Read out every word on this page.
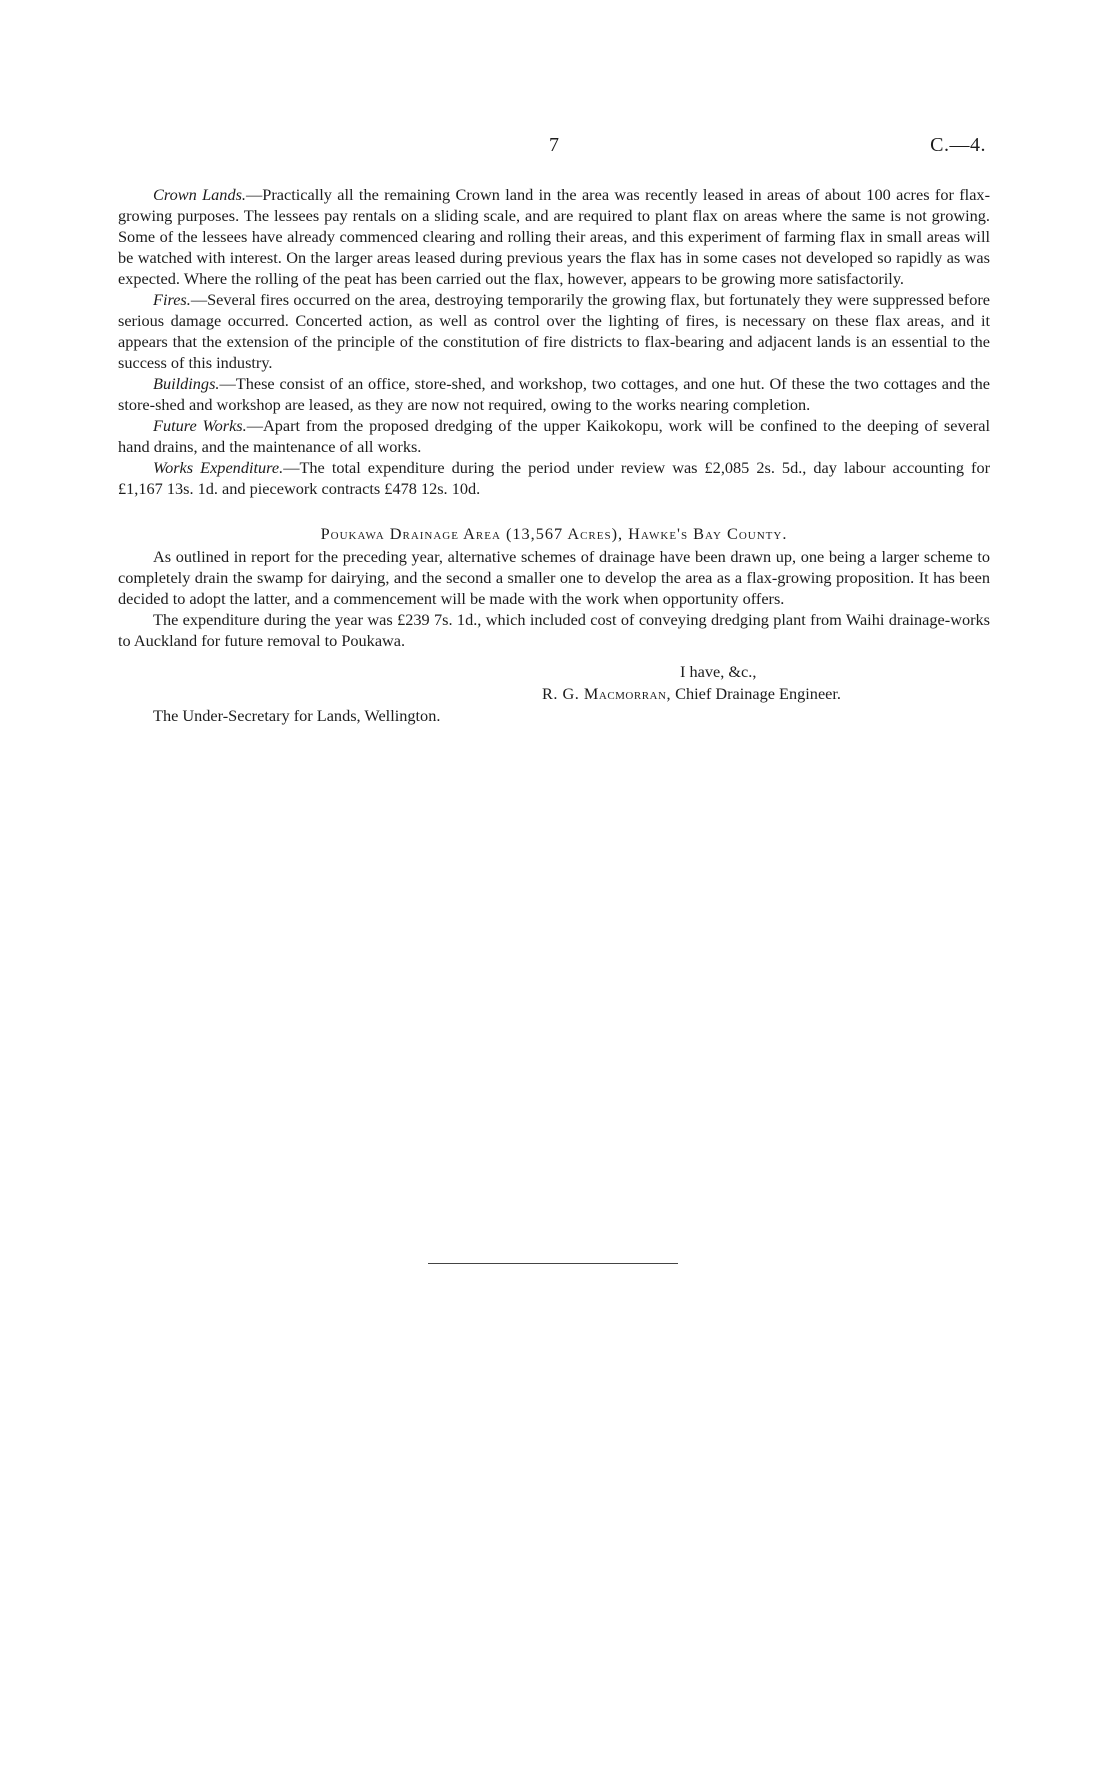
7	C.—4.

Crown Lands.—Practically all the remaining Crown land in the area was recently leased in areas of about 100 acres for flax-growing purposes. The lessees pay rentals on a sliding scale, and are required to plant flax on areas where the same is not growing. Some of the lessees have already commenced clearing and rolling their areas, and this experiment of farming flax in small areas will be watched with interest. On the larger areas leased during previous years the flax has in some cases not developed so rapidly as was expected. Where the rolling of the peat has been carried out the flax, however, appears to be growing more satisfactorily.

Fires.—Several fires occurred on the area, destroying temporarily the growing flax, but fortunately they were suppressed before serious damage occurred. Concerted action, as well as control over the lighting of fires, is necessary on these flax areas, and it appears that the extension of the principle of the constitution of fire districts to flax-bearing and adjacent lands is an essential to the success of this industry.

Buildings.—These consist of an office, store-shed, and workshop, two cottages, and one hut. Of these the two cottages and the store-shed and workshop are leased, as they are now not required, owing to the works nearing completion.

Future Works.—Apart from the proposed dredging of the upper Kaikokopu, work will be confined to the deeping of several hand drains, and the maintenance of all works.

Works Expenditure.—The total expenditure during the period under review was £2,085 2s. 5d., day labour accounting for £1,167 13s. 1d. and piecework contracts £478 12s. 10d.

Poukawa Drainage Area (13,567 Acres), Hawke's Bay County.

As outlined in report for the preceding year, alternative schemes of drainage have been drawn up, one being a larger scheme to completely drain the swamp for dairying, and the second a smaller one to develop the area as a flax-growing proposition. It has been decided to adopt the latter, and a commencement will be made with the work when opportunity offers.

The expenditure during the year was £239 7s. 1d., which included cost of conveying dredging plant from Waihi drainage-works to Auckland for future removal to Poukawa.

I have, &c.,
R. G. Macmorran, Chief Drainage Engineer.
The Under-Secretary for Lands, Wellington.
